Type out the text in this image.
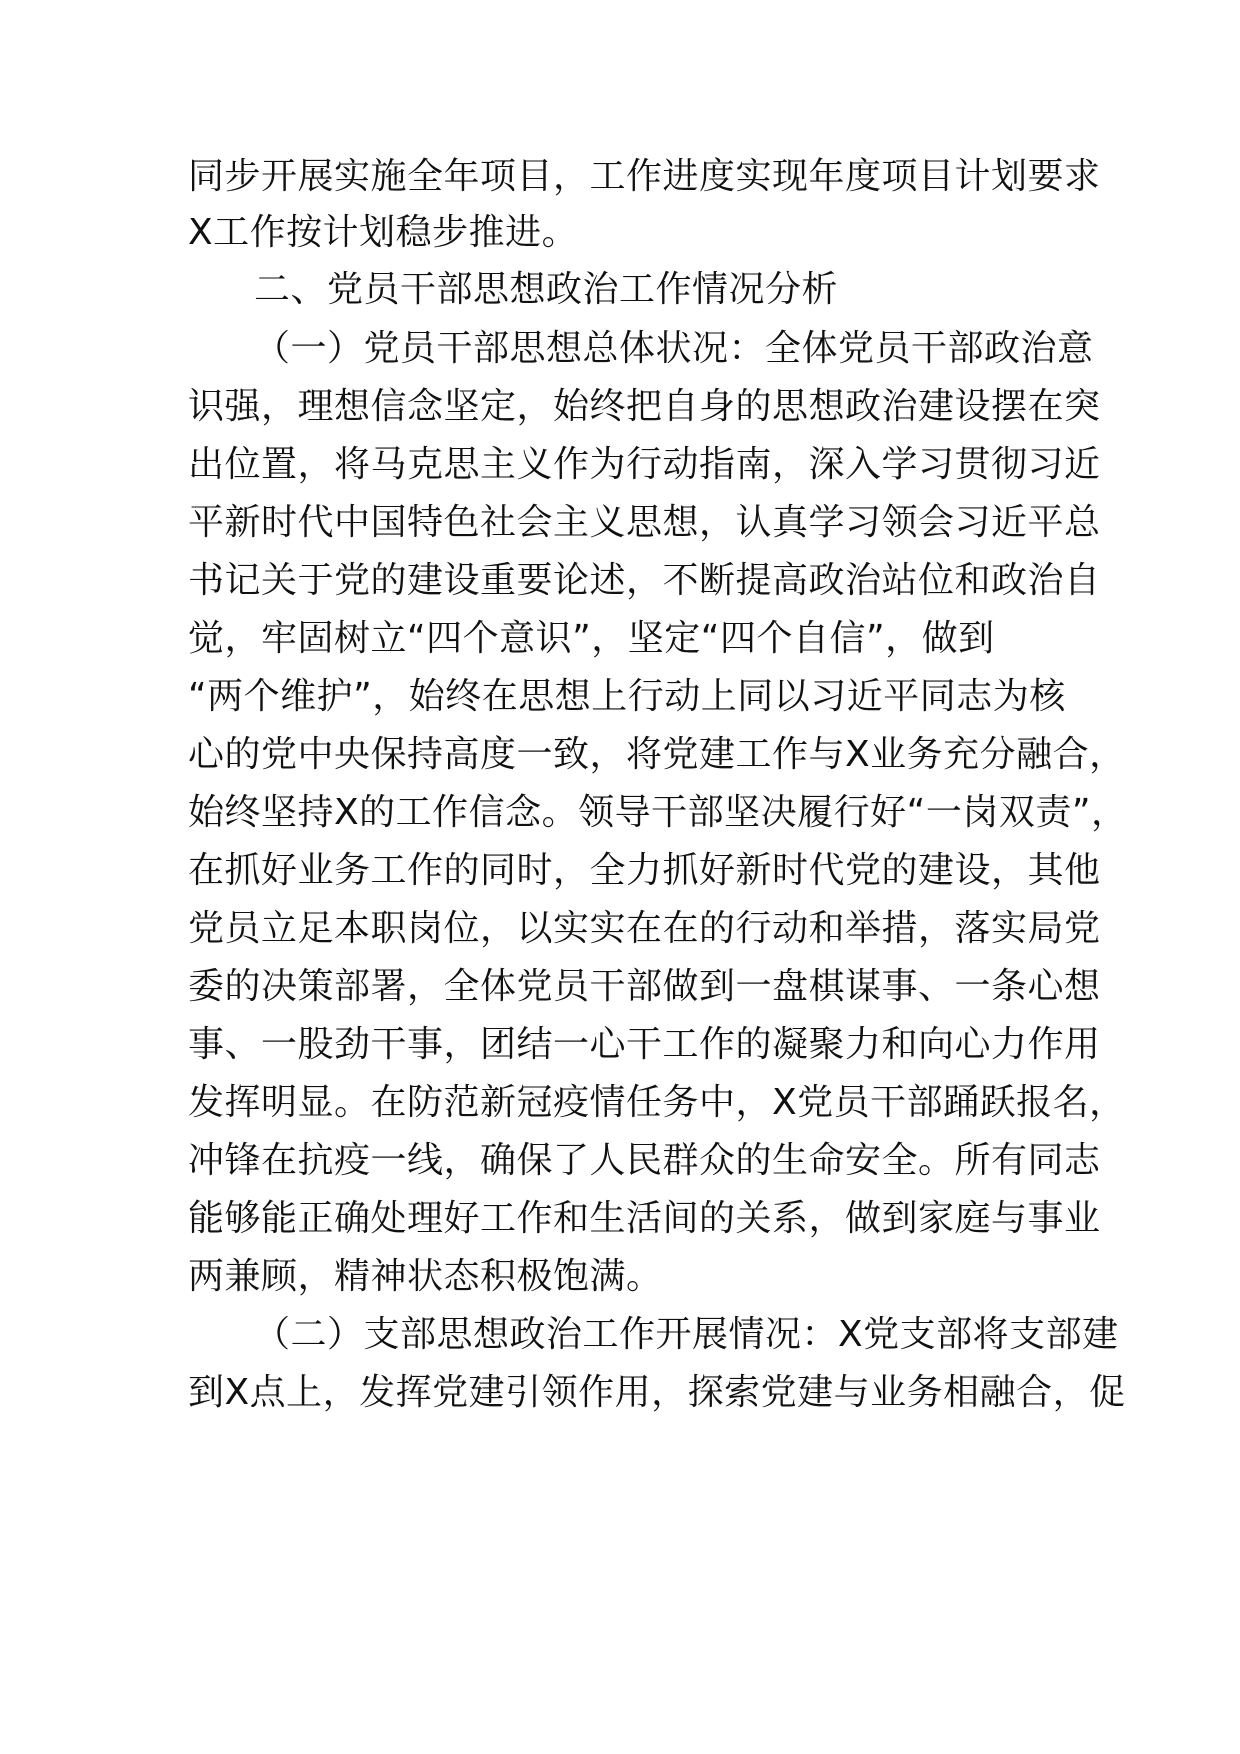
同步开展实施全年项目，工作进度实现年度项目计划要求
X工作按计划稳步推进。
二、党员干部思想政治工作情况分析
（一）党员干部思想总体状况：全体党员干部政治意
识强，理想信念坚定，始终把自身的思想政治建设摆在突
出位置，将马克思主义作为行动指南，深入学习贯彻习近
平新时代中国特色社会主义思想，认真学习领会习近平总
书记关于党的建设重要论述，不断提高政治站位和政治自
觉，牢固树立“四个意识”，坚定“四个自信”，做到
“两个维护”，始终在思想上行动上同以习近平同志为核
心的党中央保持高度一致，将党建工作与X业务充分融合，
始终坚持X的工作信念。领导干部坚决履行好“一岗双责”，
在抓好业务工作的同时，全力抓好新时代党的建设，其他
党员立足本职岗位，以实实在在的行动和举措，落实局党
委的决策部署，全体党员干部做到一盘棋谋事、一条心想
事、一股劲干事，团结一心干工作的凝聚力和向心力作用
发挥明显。在防范新冠疫情任务中，X党员干部踊跃报名，
冲锋在抗疫一线，确保了人民群众的生命安全。所有同志
能够能正确处理好工作和生活间的关系，做到家庭与事业
两兼顾，精神状态积极饱满。
（二）支部思想政治工作开展情况：X党支部将支部建
到X点上，发挥党建引领作用，探索党建与业务相融合，促
